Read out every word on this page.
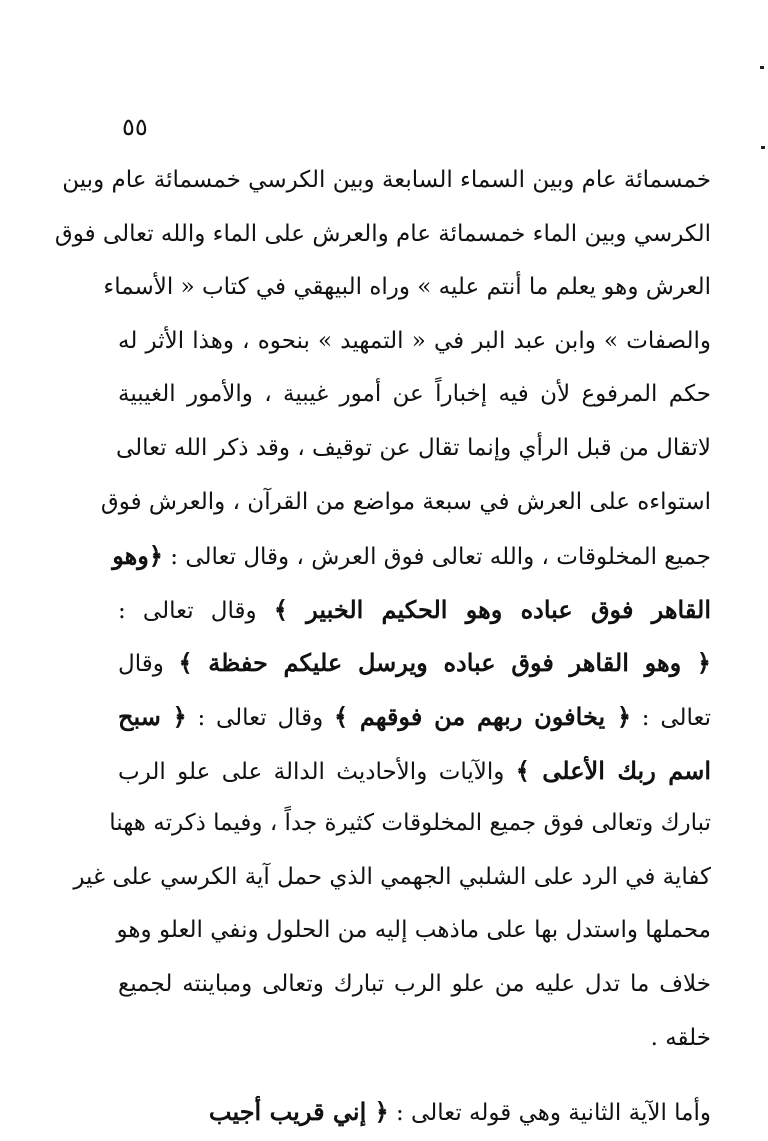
٥٥
خمسمائة عام وبين السماء السابعة وبين الكرسي خمسمائة عام وبين
الكرسي وبين الماء خمسمائة عام والعرش على الماء والله تعالى فوق
العرش وهو يعلم ما أنتم عليه » وراه البيهقي في كتاب « الأسماء
والصفات » وابن عبد البر في « التمهيد » بنحوه ، وهذا الأثر له
حكم المرفوع لأن فيه إخباراً عن أمور غيبية ، والأمور الغيبية
لاتقال من قبل الرأي وإنما تقال عن توقيف ، وقد ذكر الله تعالى
استواءه على العرش في سبعة مواضع من القرآن ، والعرش فوق
جميع المخلوقات ، والله تعالى فوق العرش ، وقال تعالى : ﴿وهو
القاهر فوق عباده وهو الحكيم الخبير ﴾ وقال تعالى :
﴿ وهو القاهر فوق عباده ويرسل عليكم حفظة ﴾ وقال
تعالى : ﴿ يخافون ربهم من فوقهم ﴾ وقال تعالى : ﴿ سبح
اسم ربك الأعلى ﴾ والآيات والأحاديث الدالة على علو الرب
تبارك وتعالى فوق جميع المخلوقات كثيرة جداً ، وفيما ذكرته ههنا
كفاية في الرد على الشلبي الجهمي الذي حمل آية الكرسي على غير
محملها واستدل بها على ماذهب إليه من الحلول ونفي العلو وهو
خلاف ما تدل عليه من علو الرب تبارك وتعالى ومباينته لجميع
خلقه .
وأما الآية الثانية وهي قوله تعالى : ﴿ إني قريب أجيب
